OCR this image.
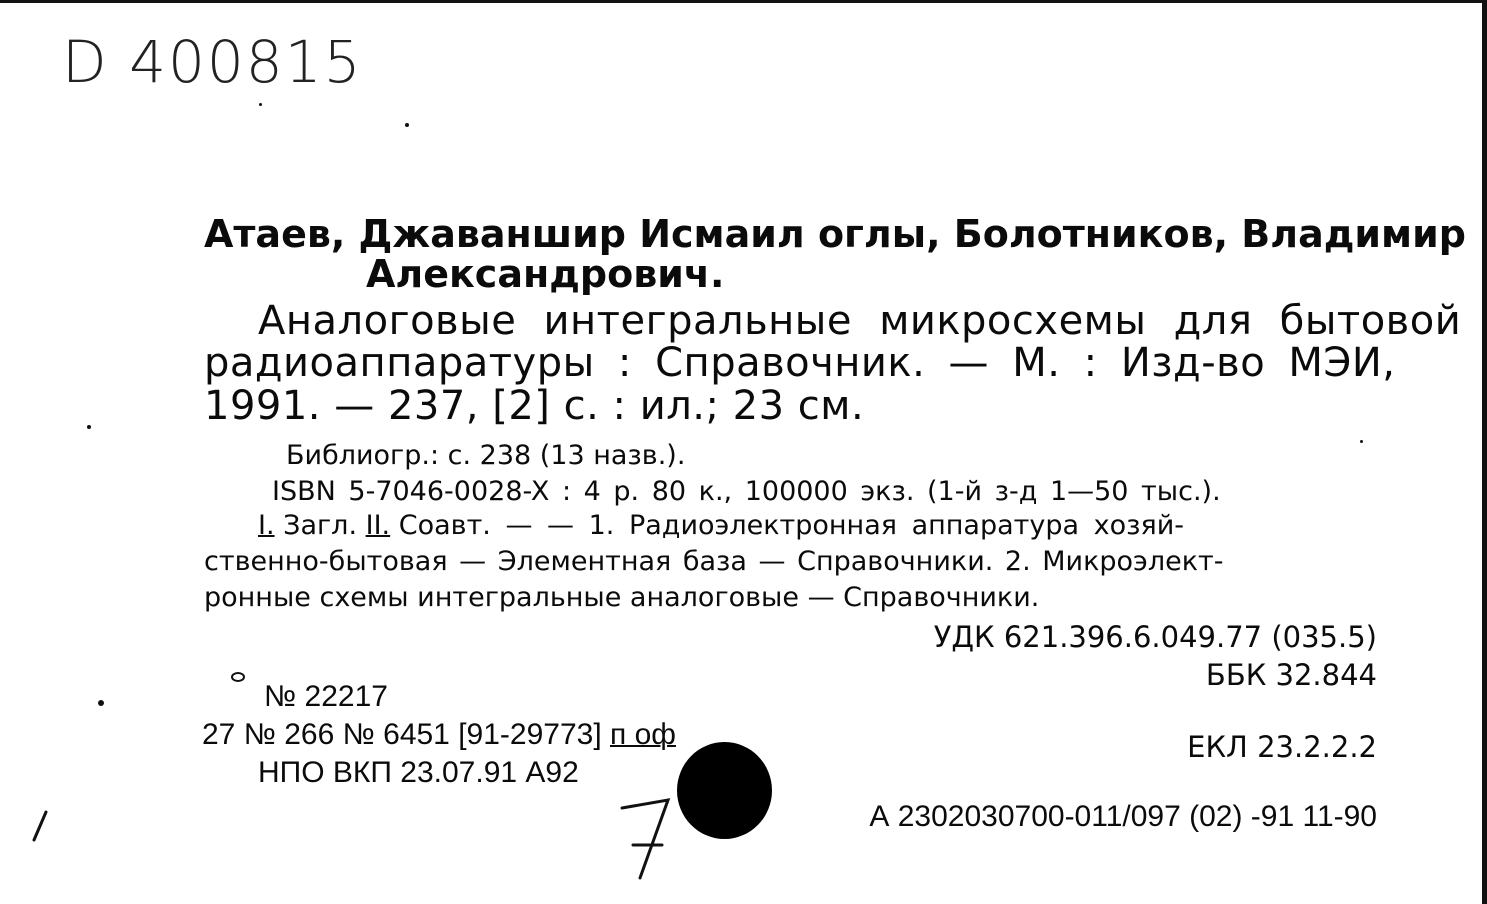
D 400815
Атаев, Джаваншир Исмаил оглы, Болотников, Владимир
Александрович.
Аналоговые интегральные микросхемы для бытовой
радиоаппаратуры : Справочник. — М. : Изд-во МЭИ,
1991. — 237, [2] с. : ил.; 23 см.
Библиогр.: с. 238 (13 назв.).
ISBN 5-7046-0028-X : 4 р. 80 к., 100000 экз. (1-й з-д 1—50 тыс.).
I. Загл. II. Соавт. — — 1. Радиоэлектронная аппаратура хозяй-
ственно-бытовая — Элементная база — Справочники. 2. Микроэлект-
ронные схемы интегральные аналоговые — Справочники.
УДК 621.396.6.049.77 (035.5)
ББК 32.844
№ 22217
27 № 266 № 6451 [91-29773] п оф
НПО ВКП 23.07.91 А92
ЕКЛ 23.2.2.2
А 2302030700-011/097 (02) -91 11-90
